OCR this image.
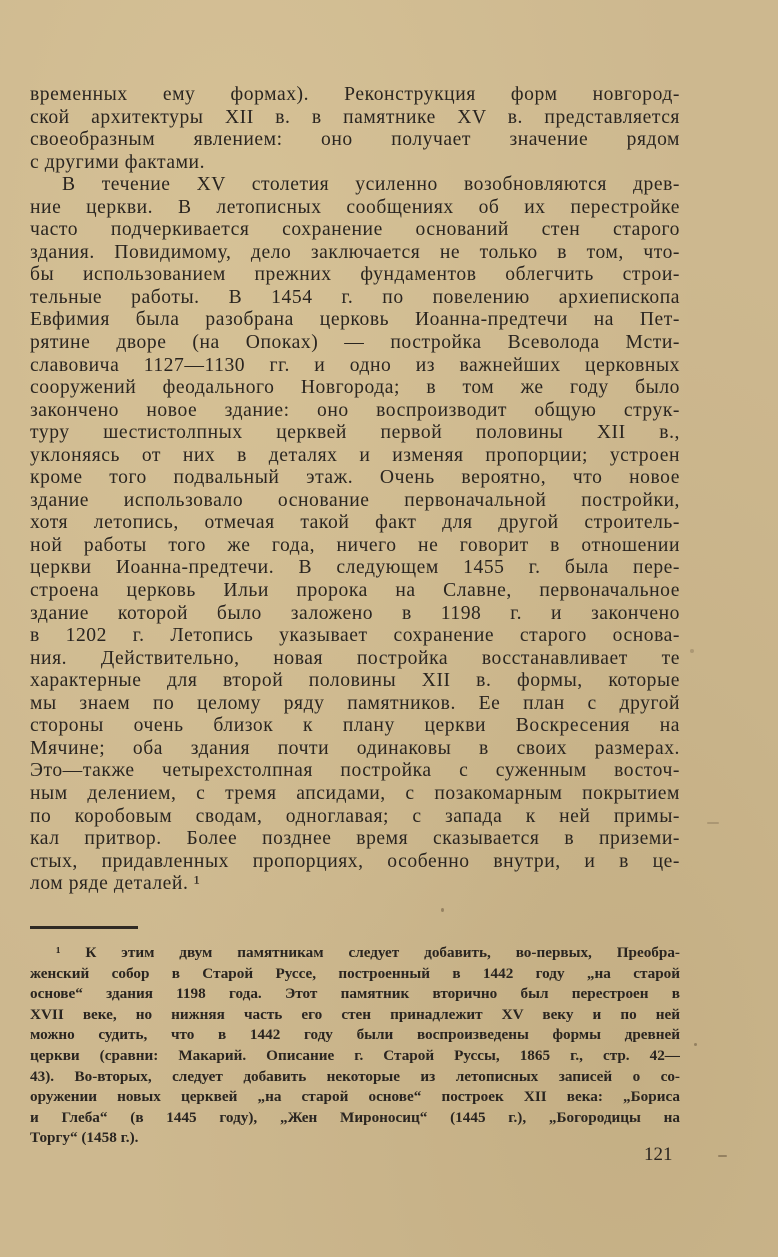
временных ему формах). Реконструкция форм новгород-
ской архитектуры XII в. в памятнике XV в. представляется
своеобразным явлением: оно получает значение рядом
с другими фактами.
В течение XV столетия усиленно возобновляются древ-
ние церкви. В летописных сообщениях об их перестройке
часто подчеркивается сохранение оснований стен старого
здания. Повидимому, дело заключается не только в том, что-
бы использованием прежних фундаментов облегчить строи-
тельные работы. В 1454 г. по повелению архиепископа
Евфимия была разобрана церковь Иоанна-предтечи на Пет-
рятине дворе (на Опоках) — постройка Всеволода Мсти-
славовича 1127—1130 гг. и одно из важнейших церковных
сооружений феодального Новгорода; в том же году было
закончено новое здание: оно воспроизводит общую струк-
туру шестистолпных церквей первой половины XII в.,
уклоняясь от них в деталях и изменяя пропорции; устроен
кроме того подвальный этаж. Очень вероятно, что новое
здание использовало основание первоначальной постройки,
хотя летопись, отмечая такой факт для другой строитель-
ной работы того же года, ничего не говорит в отношении
церкви Иоанна-предтечи. В следующем 1455 г. была пере-
строена церковь Ильи пророка на Славне, первоначальное
здание которой было заложено в 1198 г. и закончено
в 1202 г. Летопись указывает сохранение старого основа-
ния. Действительно, новая постройка восстанавливает те
характерные для второй половины XII в. формы, которые
мы знаем по целому ряду памятников. Ее план с другой
стороны очень близок к плану церкви Воскресения на
Мячине; оба здания почти одинаковы в своих размерах.
Это—также четырехстолпная постройка с суженным восточ-
ным делением, с тремя апсидами, с позакомарным покрытием
по коробовым сводам, одноглавая; с запада к ней примы-
кал притвор. Более позднее время сказывается в приземи-
стых, придавленных пропорциях, особенно внутри, и в це-
лом ряде деталей. ¹
¹ К этим двум памятникам следует добавить, во-первых, Преобра-
женский собор в Старой Руссе, построенный в 1442 году „на старой
основе“ здания 1198 года. Этот памятник вторично был перестроен в
XVII веке, но нижняя часть его стен принадлежит XV веку и по ней
можно судить, что в 1442 году были воспроизведены формы древней
церкви (сравни: Макарий. Описание г. Старой Руссы, 1865 г., стр. 42—
43). Во-вторых, следует добавить некоторые из летописных записей о со-
оружении новых церквей „на старой основе“ построек XII века: „Бориса
и Глеба“ (в 1445 году), „Жен Мироносиц“ (1445 г.), „Богородицы на
Торгу“ (1458 г.).
121
